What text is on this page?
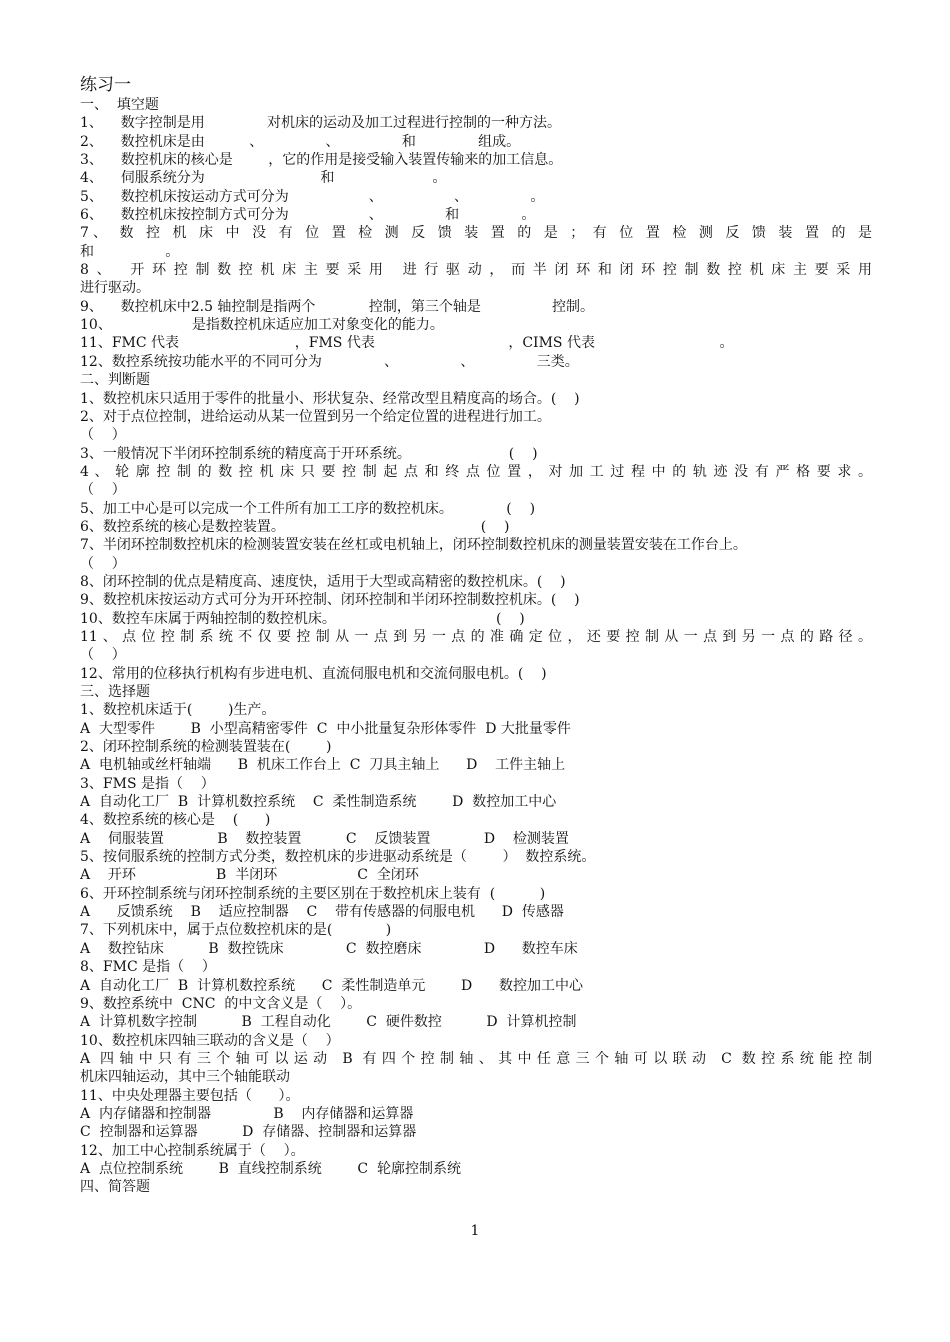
练习一
一、  填空题
1、    数字控制是用              对机床的运动及加工过程进行控制的一种方法。
2、    数控机床是由          、              、              和              组成。
3、    数控机床的核心是        ，它的作用是接受输入装置传输来的加工信息。
4、    伺服系统分为                          和                      。
5、    数控机床按运动方式可分为                  、                、              。
6、    数控机床按控制方式可分为                  、              和              。
7、 数 控 机 床 中 没 有 位 置 检 测 反 馈 装 置 的 是 ； 有 位 置 检 测 反 馈 装 置 的 是
和                。
8、 开环控制数控机床主要采用 进行驱动，而半闭环和闭环控制数控机床主要采用
进行驱动。
9、    数控机床中2.5 轴控制是指两个            控制，第三个轴是                控制。
10、                  是指数控机床适应加工对象变化的能力。
11、FMC 代表                          ，FMS 代表                              ，CIMS 代表                            。
12、数控系统按功能水平的不同可分为              、              、              三类。
二、判断题
1、数控机床只适用于零件的批量小、形状复杂、经常改型且精度高的场合。(    )
2、对于点位控制，进给运动从某一位置到另一个给定位置的进程进行加工。
（    ）
3、一般情况下半闭环控制系统的精度高于开环系统。                      (    )
4 、 轮 廓 控 制 的 数 控 机 床 只 要 控 制 起 点 和 终 点 位 置 ， 对 加 工 过 程 中 的 轨 迹 没 有 严 格 要 求 。
（    ）
5、加工中心是可以完成一个工件所有加工工序的数控机床。            (    )
6、数控系统的核心是数控装置。                                            (    )
7、半闭环控制数控机床的检测装置安装在丝杠或电机轴上，闭环控制数控机床的测量装置安装在工作台上。
（    ）
8、闭环控制的优点是精度高、速度快，适用于大型或高精密的数控机床。(    )
9、数控机床按运动方式可分为开环控制、闭环控制和半闭环控制数控机床。(    )
10、数控车床属于两轴控制的数控机床。                                    (    )
11 、 点 位 控 制 系 统 不 仅 要 控 制 从 一 点 到 另 一 点 的 准 确 定 位 ， 还 要 控 制 从 一 点 到 另 一 点 的 路 径 。
（    ）
12、常用的位移执行机构有步进电机、直流伺服电机和交流伺服电机。(    )
三、选择题
1、数控机床适于(        )生产。
A  大型零件        B  小型高精密零件  C  中小批量复杂形体零件  D 大批量零件
2、闭环控制系统的检测装置装在(        )
A  电机轴或丝杆轴端      B  机床工作台上  C  刀具主轴上      D    工件主轴上
3、FMS 是指（    ）
A  自动化工厂  B  计算机数控系统    C  柔性制造系统        D  数控加工中心
4、数控系统的核心是    (      )
A    伺服装置            B    数控装置          C    反馈装置            D    检测装置
5、按伺服系统的控制方式分类，数控机床的步进驱动系统是（        ）  数控系统。
A    开环                  B  半闭环                  C  全闭环
6、开环控制系统与闭环控制系统的主要区别在于数控机床上装有  (          )
A      反馈系统    B    适应控制器    C    带有传感器的伺服电机      D  传感器
7、下列机床中，属于点位数控机床的是(            )
A    数控钻床          B  数控铣床              C  数控磨床              D      数控车床
8、FMC 是指（    ）
A  自动化工厂  B  计算机数控系统      C  柔性制造单元        D      数控加工中心
9、数控系统中  CNC  的中文含义是（    ）。
A  计算机数字控制          B  工程自动化        C  硬件数控          D  计算机控制
10、数控机床四轴三联动的含义是（    ）
A 四轴中只有三个轴可以运动 B 有四个控制轴、其中任意三个轴可以联动 C 数控系统能控制
机床四轴运动，其中三个轴能联动
11、中央处理器主要包括（      ）。
A  内存储器和控制器              B    内存储器和运算器
C  控制器和运算器          D  存储器、控制器和运算器
12、加工中心控制系统属于（    ）。
A  点位控制系统        B  直线控制系统        C  轮廓控制系统
四、简答题
1
